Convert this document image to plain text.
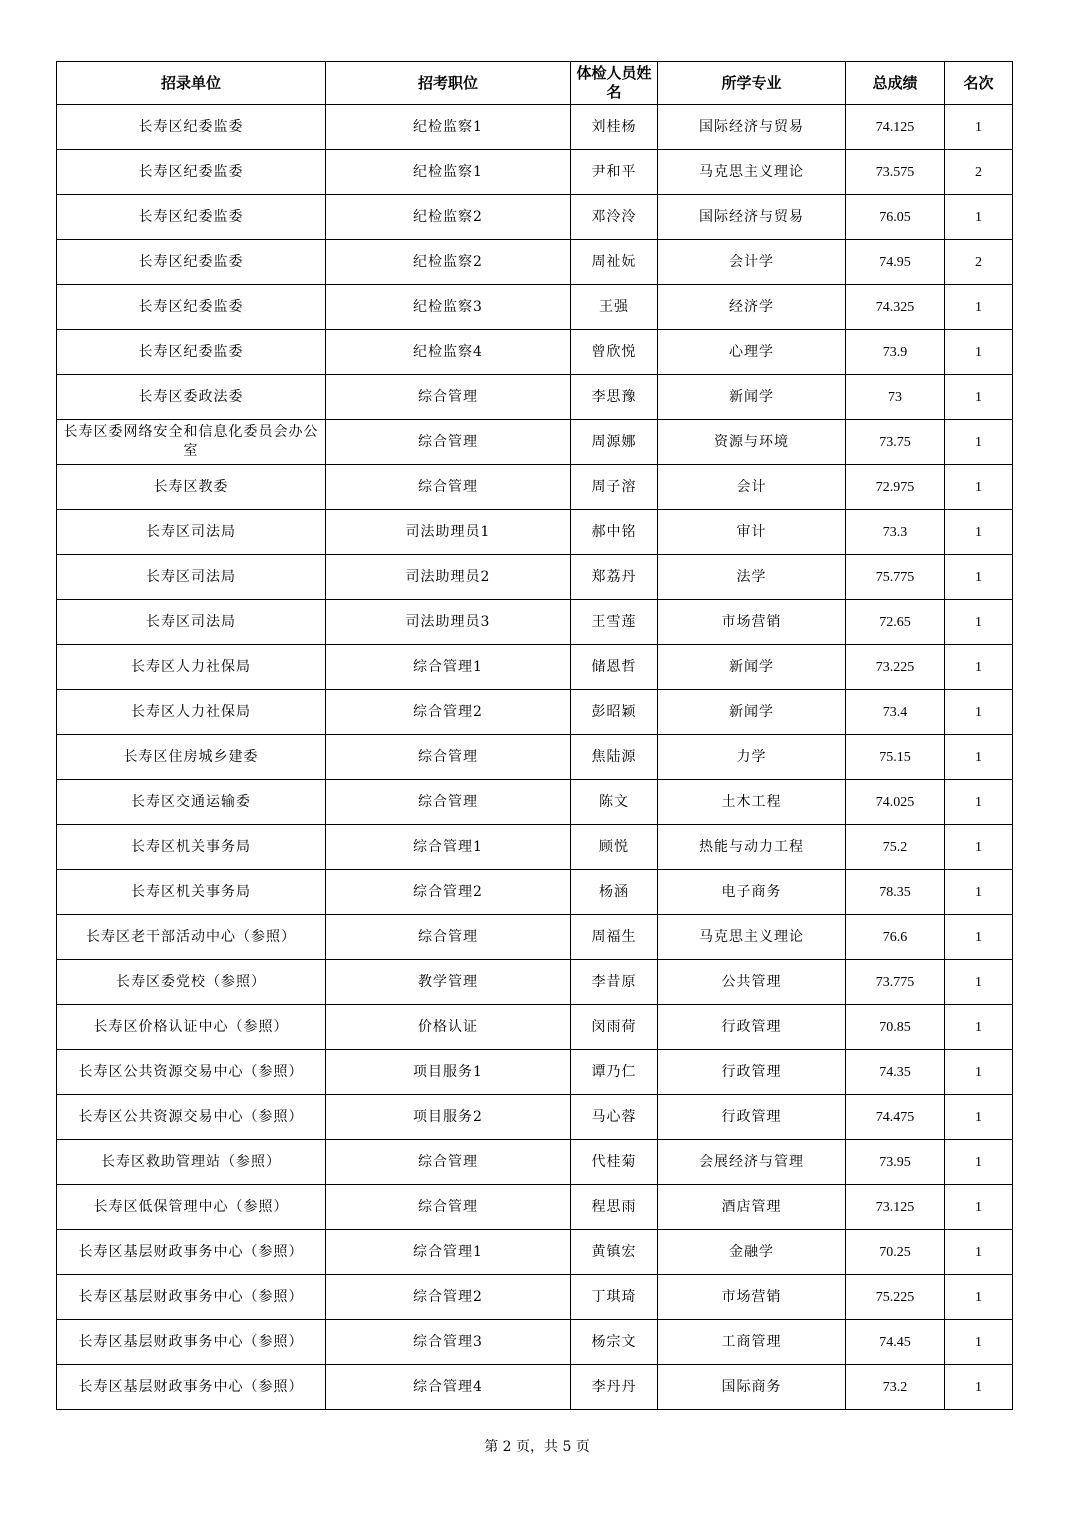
招录单位	招考职位	体检人员姓名	所学专业	总成绩	名次
长寿区纪委监委	纪检监察1	刘桂杨	国际经济与贸易	74.125	1
长寿区纪委监委	纪检监察1	尹和平	马克思主义理论	73.575	2
长寿区纪委监委	纪检监察2	邓泠泠	国际经济与贸易	76.05	1
长寿区纪委监委	纪检监察2	周祉妧	会计学	74.95	2
长寿区纪委监委	纪检监察3	王强	经济学	74.325	1
长寿区纪委监委	纪检监察4	曾欣悦	心理学	73.9	1
长寿区委政法委	综合管理	李思豫	新闻学	73	1
长寿区委网络安全和信息化委员会办公室	综合管理	周源娜	资源与环境	73.75	1
长寿区教委	综合管理	周子溶	会计	72.975	1
长寿区司法局	司法助理员1	郝中铭	审计	73.3	1
长寿区司法局	司法助理员2	郑荔丹	法学	75.775	1
长寿区司法局	司法助理员3	王雪莲	市场营销	72.65	1
长寿区人力社保局	综合管理1	储恩哲	新闻学	73.225	1
长寿区人力社保局	综合管理2	彭昭颖	新闻学	73.4	1
长寿区住房城乡建委	综合管理	焦陆源	力学	75.15	1
长寿区交通运输委	综合管理	陈文	土木工程	74.025	1
长寿区机关事务局	综合管理1	顾悦	热能与动力工程	75.2	1
长寿区机关事务局	综合管理2	杨涵	电子商务	78.35	1
长寿区老干部活动中心（参照）	综合管理	周福生	马克思主义理论	76.6	1
长寿区委党校（参照）	教学管理	李昔原	公共管理	73.775	1
长寿区价格认证中心（参照）	价格认证	闵雨荷	行政管理	70.85	1
长寿区公共资源交易中心（参照）	项目服务1	谭乃仁	行政管理	74.35	1
长寿区公共资源交易中心（参照）	项目服务2	马心蓉	行政管理	74.475	1
长寿区救助管理站（参照）	综合管理	代桂菊	会展经济与管理	73.95	1
长寿区低保管理中心（参照）	综合管理	程思雨	酒店管理	73.125	1
长寿区基层财政事务中心（参照）	综合管理1	黄镇宏	金融学	70.25	1
长寿区基层财政事务中心（参照）	综合管理2	丁琪琦	市场营销	75.225	1
长寿区基层财政事务中心（参照）	综合管理3	杨宗文	工商管理	74.45	1
长寿区基层财政事务中心（参照）	综合管理4	李丹丹	国际商务	73.2	1
第 2 页，共 5 页
